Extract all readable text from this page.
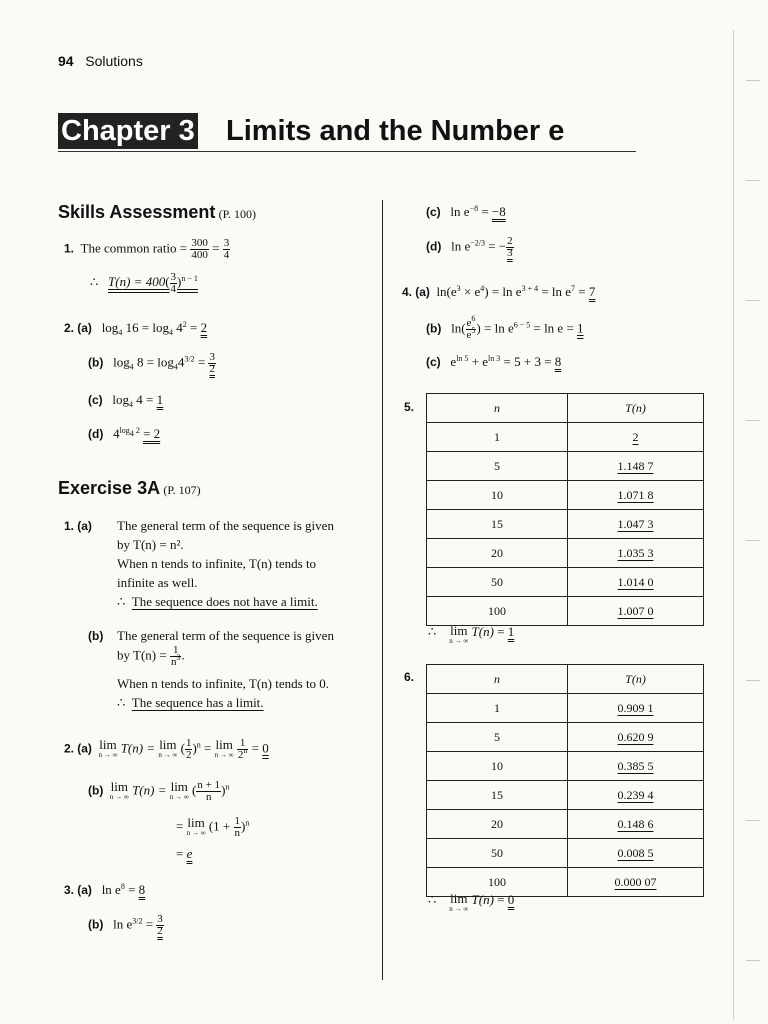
94 Solutions
Chapter 3 Limits and the Number e
Skills Assessment (P. 100)
1. The common ratio = $\frac{300}{400} = \frac{3}{4}$
∴ $T(n) = 400( \frac{3}{4} )^{n - 1}$
2. (a) $\log_4 16 = \log_4 4^2 = 2$
(b) $\log_4 8 = \log_44^{3/2} = \frac{3}{2}$
(c) $\log_4 4 = 1$
(d)   $4^{log_4 2} = 2$
Exercise 3A (P. 107)
1. (a) The general term of the sequence is given
by T(n) = n².
When n tends to infinite, T(n) tends to
infinite as well.
∴  The sequence does not have a limit.
(b) The general term of the sequence is given
by $T(n) = \frac{1}{n^3}$ .
When n tends to infinite, T(n) tends to 0.
∴  The sequence has a limit.
2. (a) lim
n → ∞ T(n) = lim
n → ∞ ( $\frac{1}{2} )^n = \lim$
n → ∞
$\frac{1}{2^n} = 0$
(b) lim
n → ∞ T(n) = lim
n → ∞ ( $\frac{n + 1}{n} )^n$
= lim
n → ∞ $(1 + \frac{1}{n} )^n$
= e
3. (a) $\ln e^8 = 8$
(b) $\ln e^{3/2} = \frac{3}{2}$
(c) $\ln e^{-8} = -8$
(d) $\ln e^{-2/3}$ = − $\frac{2}{3}$
4. (a)  $\ln(e^3 \times e^4) = \ln e^{3 + 4} = \ln e^7 = 7$
(b)   $\ln( \frac{e^6}{e^5}$ ) = $\ln e^{6 - 5} = \ln e = 1$
(c)   $e^{ln 5} + e^{ln 3} = 5 + 3 = 8$
5.	n	T(n)
1	2
5	1.148 7
10	1.071 8
15	1.047 3
20	1.035 3
50	1.014 0
100	1.007 0
∴    lim
n → ∞
T(n) = 1
6.	n	T(n)
1	0.909 1
5	0.620 9
10	0.385 5
15	0.239 4
20	0.148 6
50	0.008 5
100	0.000 07
∴    lim
n → ∞
T(n) = 0
